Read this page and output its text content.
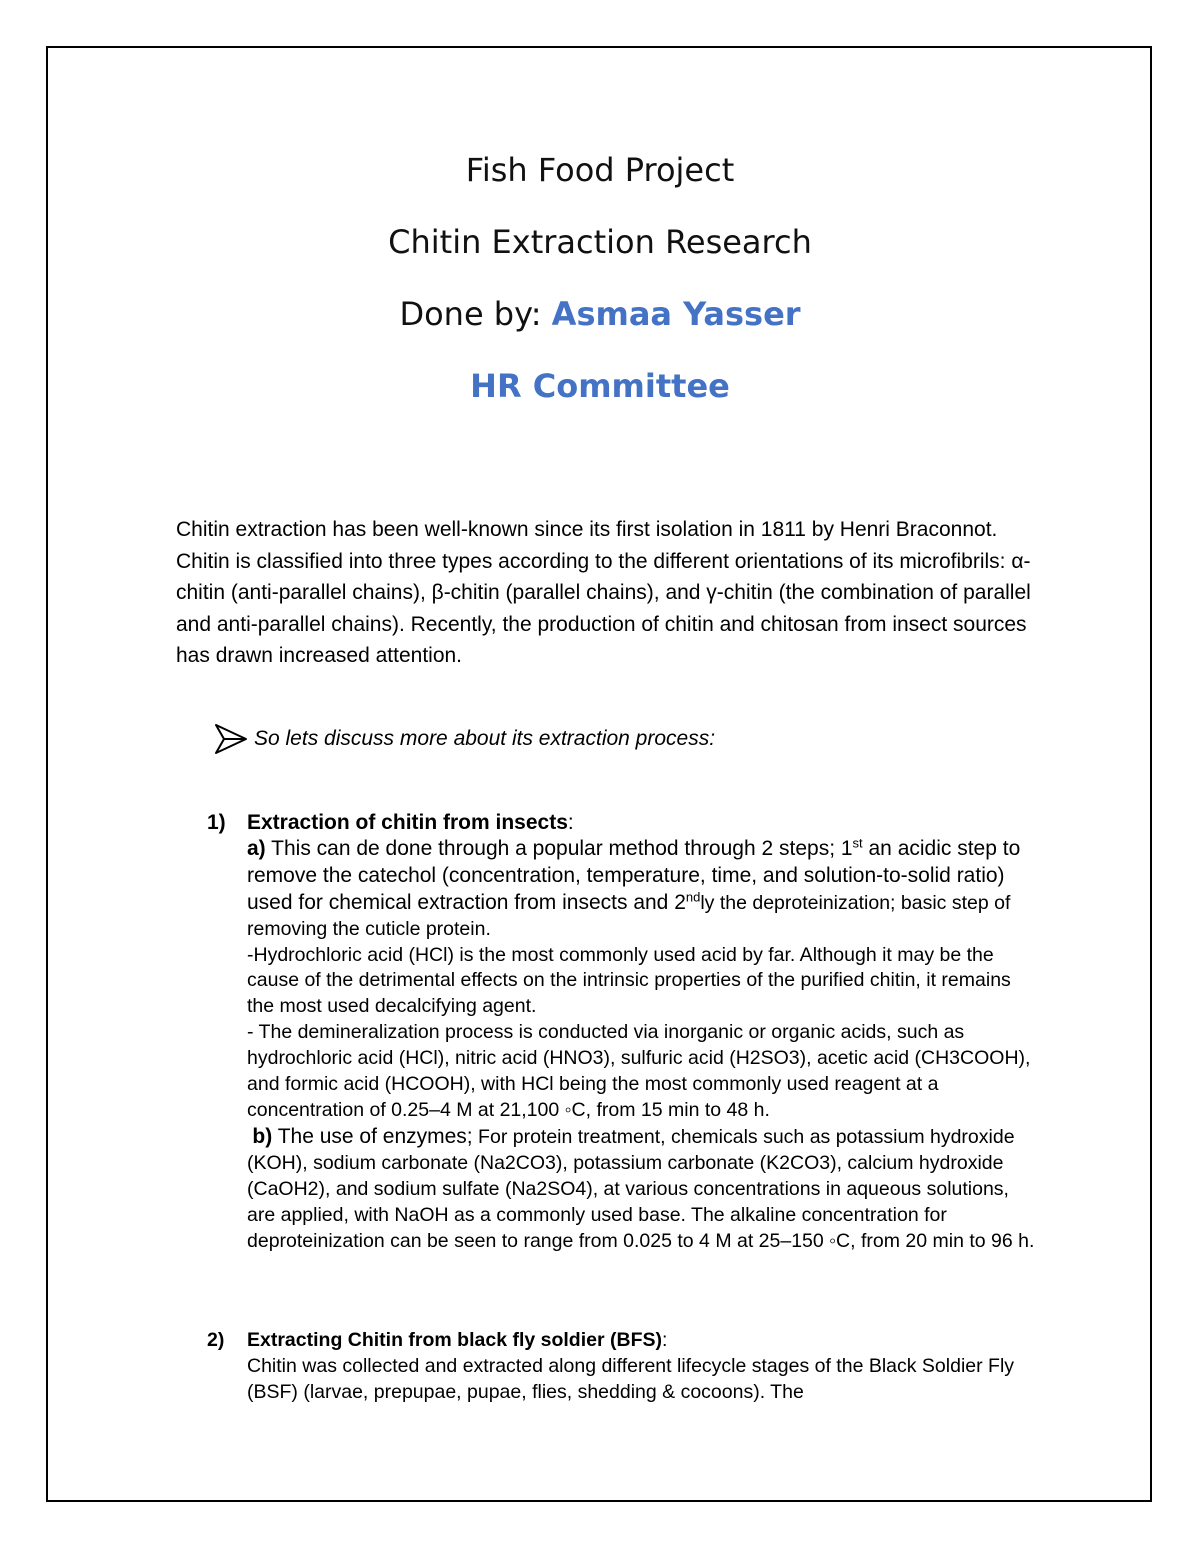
Fish Food Project
Chitin Extraction Research
Done by: Asmaa Yasser
HR Committee

Chitin extraction has been well-known since its first isolation in 1811 by Henri Braconnot. Chitin is classified into three types according to the different orientations of its microfibrils: α-chitin (anti-parallel chains), β-chitin (parallel chains), and γ-chitin (the combination of parallel and anti-parallel chains). Recently, the production of chitin and chitosan from insect sources has drawn increased attention.

So lets discuss more about its extraction process:
1)	Extraction of chitin from insects :

a) This can de done through a popular method through 2 steps; 1st an acidic step to remove the catechol (concentration, temperature, time, and solution-to-solid ratio) used for chemical extraction from insects and 2ndly the deproteinization; basic step of removing the cuticle protein.

-Hydrochloric acid (HCl) is the most commonly used acid by far. Although it may be the cause of the detrimental effects on the intrinsic properties of the purified chitin, it remains the most used decalcifying agent.

- The demineralization process is conducted via inorganic or organic acids, such as hydrochloric acid (HCl), nitric acid (HNO3), sulfuric acid (H2SO3), acetic acid (CH3COOH), and formic acid (HCOOH), with HCl being the most commonly used reagent at a concentration of 0.25–4 M at 21,100 ◦C, from 15 min to 48 h.

b) The use of enzymes; For protein treatment, chemicals such as potassium hydroxide (KOH), sodium carbonate (Na2CO3), potassium carbonate (K2CO3), calcium hydroxide (CaOH2), and sodium sulfate (Na2SO4), at various concentrations in aqueous solutions, are applied, with NaOH as a commonly used base. The alkaline concentration for deproteinization can be seen to range from 0.025 to 4 M at 25–150 ◦C, from 20 min to 96 h.

2)	Extracting Chitin from black fly soldier (BFS) :

Chitin was collected and extracted along different lifecycle stages of the Black Soldier Fly (BSF) (larvae, prepupae, pupae, flies, shedding & cocoons). The
